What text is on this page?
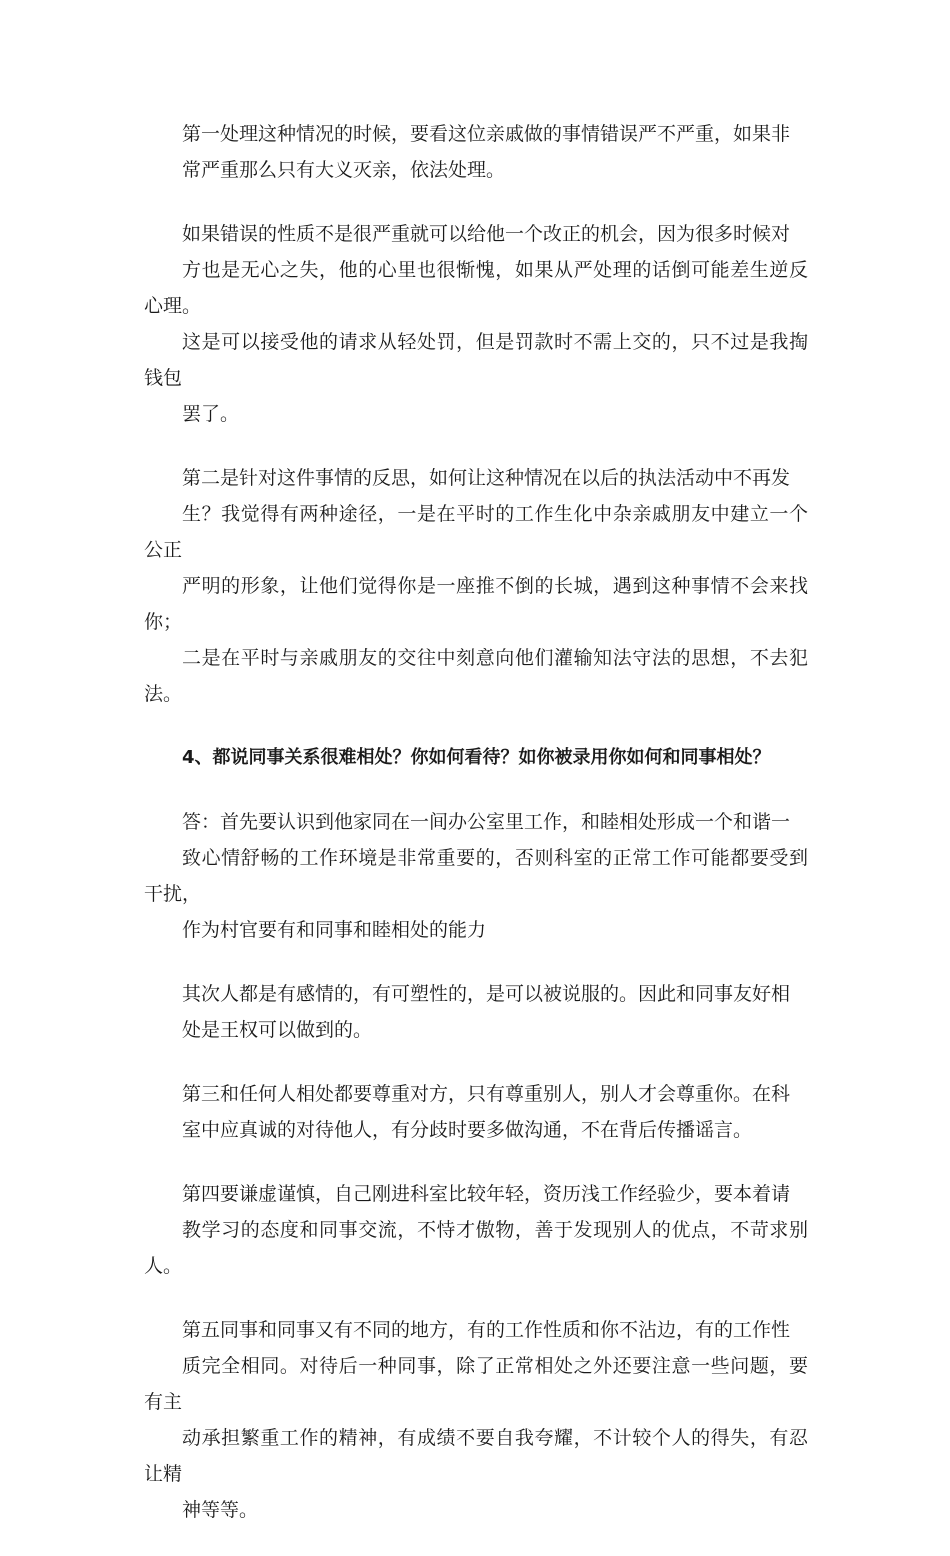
第一处理这种情况的时候，要看这位亲戚做的事情错误严不严重，如果非
常严重那么只有大义灭亲，依法处理。

如果错误的性质不是很严重就可以给他一个改正的机会，因为很多时候对
方也是无心之失，他的心里也很惭愧，如果从严处理的话倒可能差生逆反心理。
这是可以接受他的请求从轻处罚，但是罚款时不需上交的，只不过是我掏钱包
罢了。

第二是针对这件事情的反思，如何让这种情况在以后的执法活动中不再发
生？我觉得有两种途径，一是在平时的工作生化中杂亲戚朋友中建立一个公正
严明的形象，让他们觉得你是一座推不倒的长城，遇到这种事情不会来找你；
二是在平时与亲戚朋友的交往中刻意向他们灌输知法守法的思想，不去犯法。

4、都说同事关系很难相处？你如何看待？如你被录用你如何和同事相处？

答：首先要认识到他家同在一间办公室里工作，和睦相处形成一个和谐一
致心情舒畅的工作环境是非常重要的，否则科室的正常工作可能都要受到干扰，
作为村官要有和同事和睦相处的能力

其次人都是有感情的，有可塑性的，是可以被说服的。因此和同事友好相
处是王权可以做到的。

第三和任何人相处都要尊重对方，只有尊重别人，别人才会尊重你。在科
室中应真诚的对待他人，有分歧时要多做沟通，不在背后传播谣言。

第四要谦虚谨慎，自己刚进科室比较年轻，资历浅工作经验少，要本着请
教学习的态度和同事交流，不恃才傲物，善于发现别人的优点，不苛求别人。

第五同事和同事又有不同的地方，有的工作性质和你不沾边，有的工作性
质完全相同。对待后一种同事，除了正常相处之外还要注意一些问题，要有主
动承担繁重工作的精神，有成绩不要自我夸耀，不计较个人的得失，有忍让精
神等等。
